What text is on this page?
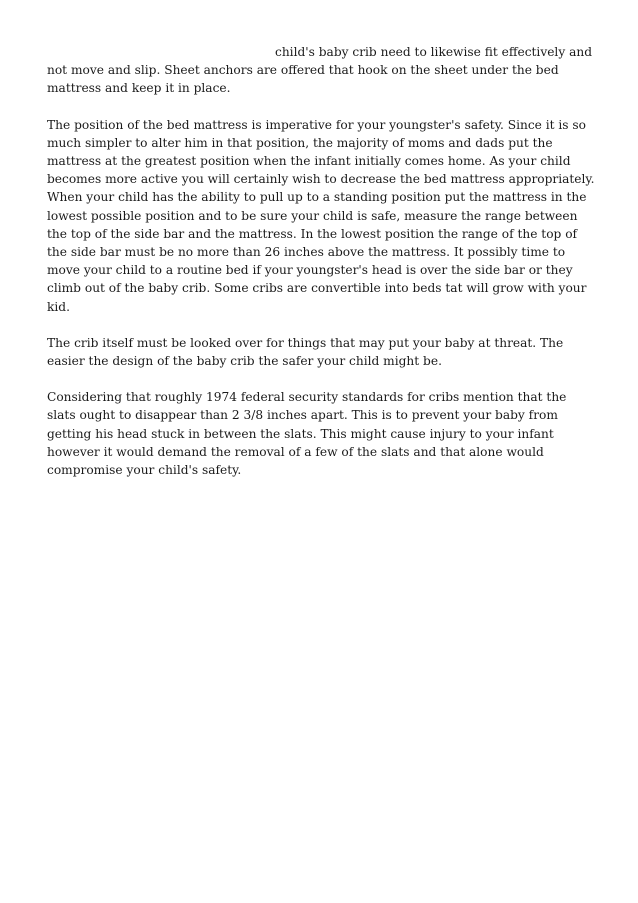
child's baby crib need to likewise fit effectively and not move and slip. Sheet anchors are offered that hook on the sheet under the bed mattress and keep it in place.

The position of the bed mattress is imperative for your youngster's safety. Since it is so much simpler to alter him in that position, the majority of moms and dads put the mattress at the greatest position when the infant initially comes home. As your child becomes more active you will certainly wish to decrease the bed mattress appropriately. When your child has the ability to pull up to a standing position put the mattress in the lowest possible position and to be sure your child is safe, measure the range between the top of the side bar and the mattress. In the lowest position the range of the top of the side bar must be no more than 26 inches above the mattress. It possibly time to move your child to a routine bed if your youngster's head is over the side bar or they climb out of the baby crib. Some cribs are convertible into beds tat will grow with your kid.

The crib itself must be looked over for things that may put your baby at threat. The easier the design of the baby crib the safer your child might be.

Considering that roughly 1974 federal security standards for cribs mention that the slats ought to disappear than 2 3/8 inches apart. This is to prevent your baby from getting his head stuck in between the slats. This might cause injury to your infant however it would demand the removal of a few of the slats and that alone would compromise your child's safety.
